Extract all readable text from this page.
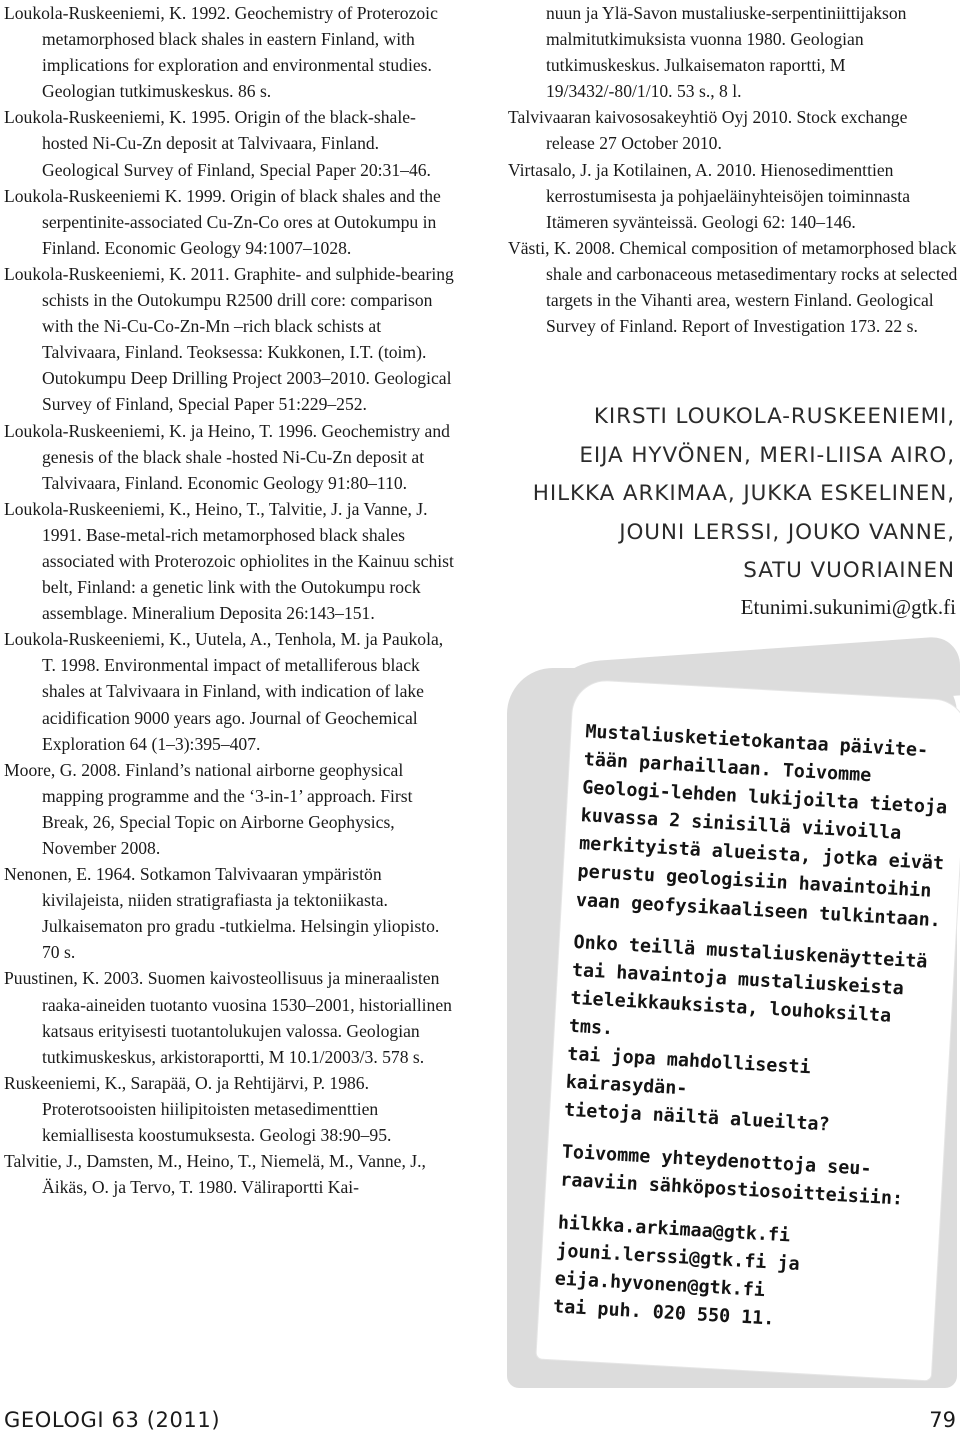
Loukola-Ruskeeniemi, K. 1992. Geochemistry of Proterozoic metamorphosed black shales in eastern Finland, with implications for exploration and environmental studies. Geologian tutkimuskeskus. 86 s.

Loukola-Ruskeeniemi, K. 1995. Origin of the black-shale-hosted Ni-Cu-Zn deposit at Talvivaara, Finland. Geological Survey of Finland, Special Paper 20:31–46.

Loukola-Ruskeeniemi K. 1999. Origin of black shales and the serpentinite-associated Cu-Zn-Co ores at Outokumpu in Finland. Economic Geology 94:1007–1028.

Loukola-Ruskeeniemi, K. 2011. Graphite- and sulphide-bearing schists in the Outokumpu R2500 drill core: comparison with the Ni-Cu-Co-Zn-Mn –rich black schists at Talvivaara, Finland. Teoksessa: Kukkonen, I.T. (toim). Outokumpu Deep Drilling Project 2003–2010. Geological Survey of Finland, Special Paper 51:229–252.

Loukola-Ruskeeniemi, K. ja Heino, T. 1996. Geochemistry and genesis of the black shale -hosted Ni-Cu-Zn deposit at Talvivaara, Finland. Economic Geology 91:80–110.

Loukola-Ruskeeniemi, K., Heino, T., Talvitie, J. ja Vanne, J. 1991. Base-metal-rich metamorphosed black shales associated with Proterozoic ophiolites in the Kainuu schist belt, Finland: a genetic link with the Outokumpu rock assemblage. Mineralium Deposita 26:143–151.

Loukola-Ruskeeniemi, K., Uutela, A., Tenhola, M. ja Paukola, T. 1998. Environmental impact of metalliferous black shales at Talvivaara in Finland, with indication of lake acidification 9000 years ago. Journal of Geochemical Exploration 64 (1–3):395–407.

Moore, G. 2008. Finland’s national airborne geophysical mapping programme and the ‘3-in-1’ approach. First Break, 26, Special Topic on Airborne Geophysics, November 2008.

Nenonen, E. 1964. Sotkamon Talvivaaran ympäristön kivilajeista, niiden stratigrafiasta ja tektoniikasta. Julkaisematon pro gradu -tutkielma. Helsingin yliopisto. 70 s.

Puustinen, K. 2003. Suomen kaivosteollisuus ja mineraalisten raaka-aineiden tuotanto vuosina 1530–2001, historiallinen katsaus erityisesti tuotantolukujen valossa. Geologian tutkimuskeskus, arkistoraportti, M 10.1/2003/3. 578 s.

Ruskeeniemi, K., Sarapää, O. ja Rehtijärvi, P. 1986. Proterotsooisten hiilipitoisten metasedimenttien kemiallisesta koostumuksesta. Geologi 38:90–95.

Talvitie, J., Damsten, M., Heino, T., Niemelä, M., Vanne, J., Äikäs, O. ja Tervo, T. 1980. Väliraportti Kai-

nuun ja Ylä-Savon mustaliuske-serpentiniittijakson malmitutkimuksista vuonna 1980. Geologian tutkimuskeskus. Julkaisematon raportti, M 19/3432/-80/1/10. 53 s., 8 l.

Talvivaaran kaivososakeyhtiö Oyj 2010. Stock exchange release 27 October 2010.

Virtasalo, J. ja Kotilainen, A. 2010. Hienosedimenttien kerrostumisesta ja pohjaeläinyhteisöjen toiminnasta Itämeren syvänteissä. Geologi 62: 140–146.

Västi, K. 2008. Chemical composition of metamorphosed black shale and carbonaceous metasedimentary rocks at selected targets in the Vihanti area, western Finland. Geological Survey of Finland. Report of Investigation 173. 22 s.

KIRSTI LOUKOLA-RUSKEENIEMI,
EIJA HYVÖNEN, MERI-LIISA AIRO,
HILKKA ARKIMAA, JUKKA ESKELINEN,
JOUNI LERSSI, JOUKO VANNE,
SATU VUORIAINEN
Etunimi.sukunimi@gtk.fi

Mustaliusketietokantaa päivite-
tään parhaillaan. Toivomme
Geologi-lehden lukijoilta tietoja
kuvassa 2 sinisillä viivoilla
merkityistä alueista, jotka eivät
perustu geologisiin havaintoihin
vaan geofysikaaliseen tulkintaan.

Onko teillä mustaliuskenäytteitä
tai havaintoja mustaliuskeista
tieleikkauksista, louhoksilta tms.
tai jopa mahdollisesti kairasydän-
tietoja näiltä alueilta?

Toivomme yhteydenottoja seu-
raaviin sähköpostiosoitteisiin:

hilkka.arkimaa@gtk.fi
jouni.lerssi@gtk.fi ja
eija.hyvonen@gtk.fi
tai puh. 020 550 11.

GEOLOGI 63 (2011)	79
